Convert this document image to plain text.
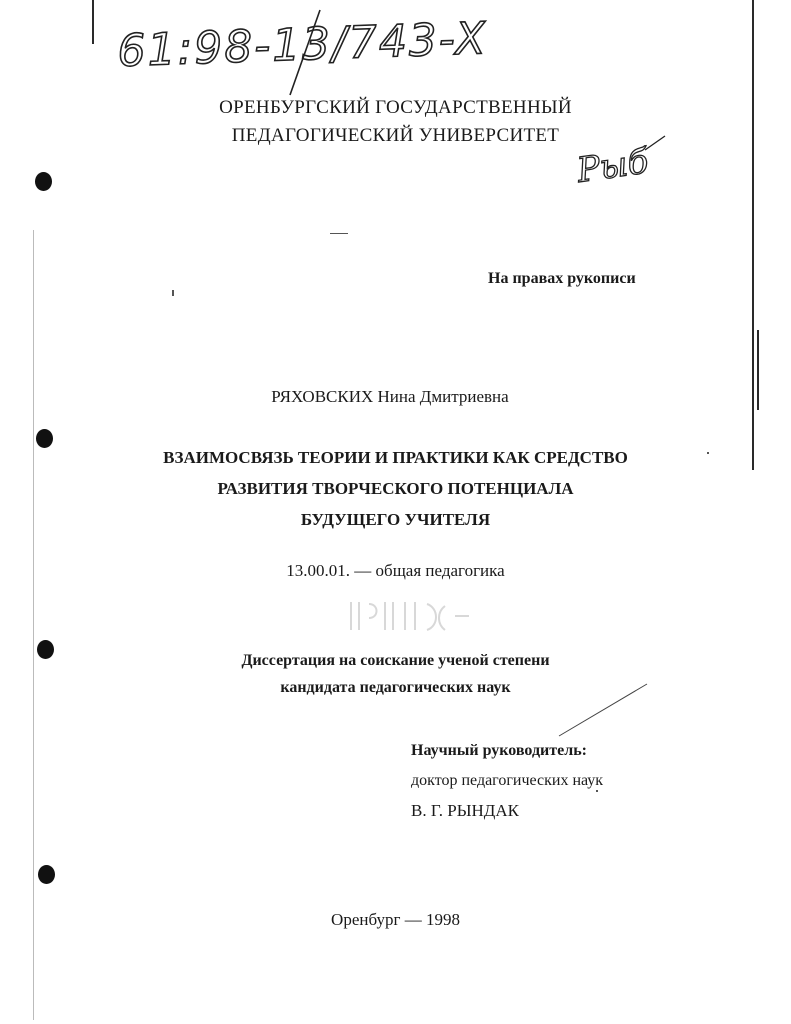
61:98-13/743-X
Рыб
ОРЕНБУРГСКИЙ ГОСУДАРСТВЕННЫЙ
ПЕДАГОГИЧЕСКИЙ УНИВЕРСИТЕТ
На правах рукописи
РЯХОВСКИХ Нина Дмитриевна
ВЗАИМОСВЯЗЬ ТЕОРИИ И ПРАКТИКИ КАК СРЕДСТВО
РАЗВИТИЯ ТВОРЧЕСКОГО ПОТЕНЦИАЛА
БУДУЩЕГО УЧИТЕЛЯ
13.00.01. — общая педагогика
Диссертация на соискание ученой степени
кандидата педагогических наук
Научный руководитель:
доктор педагогических наук
В. Г. РЫНДАК
Оренбург — 1998
